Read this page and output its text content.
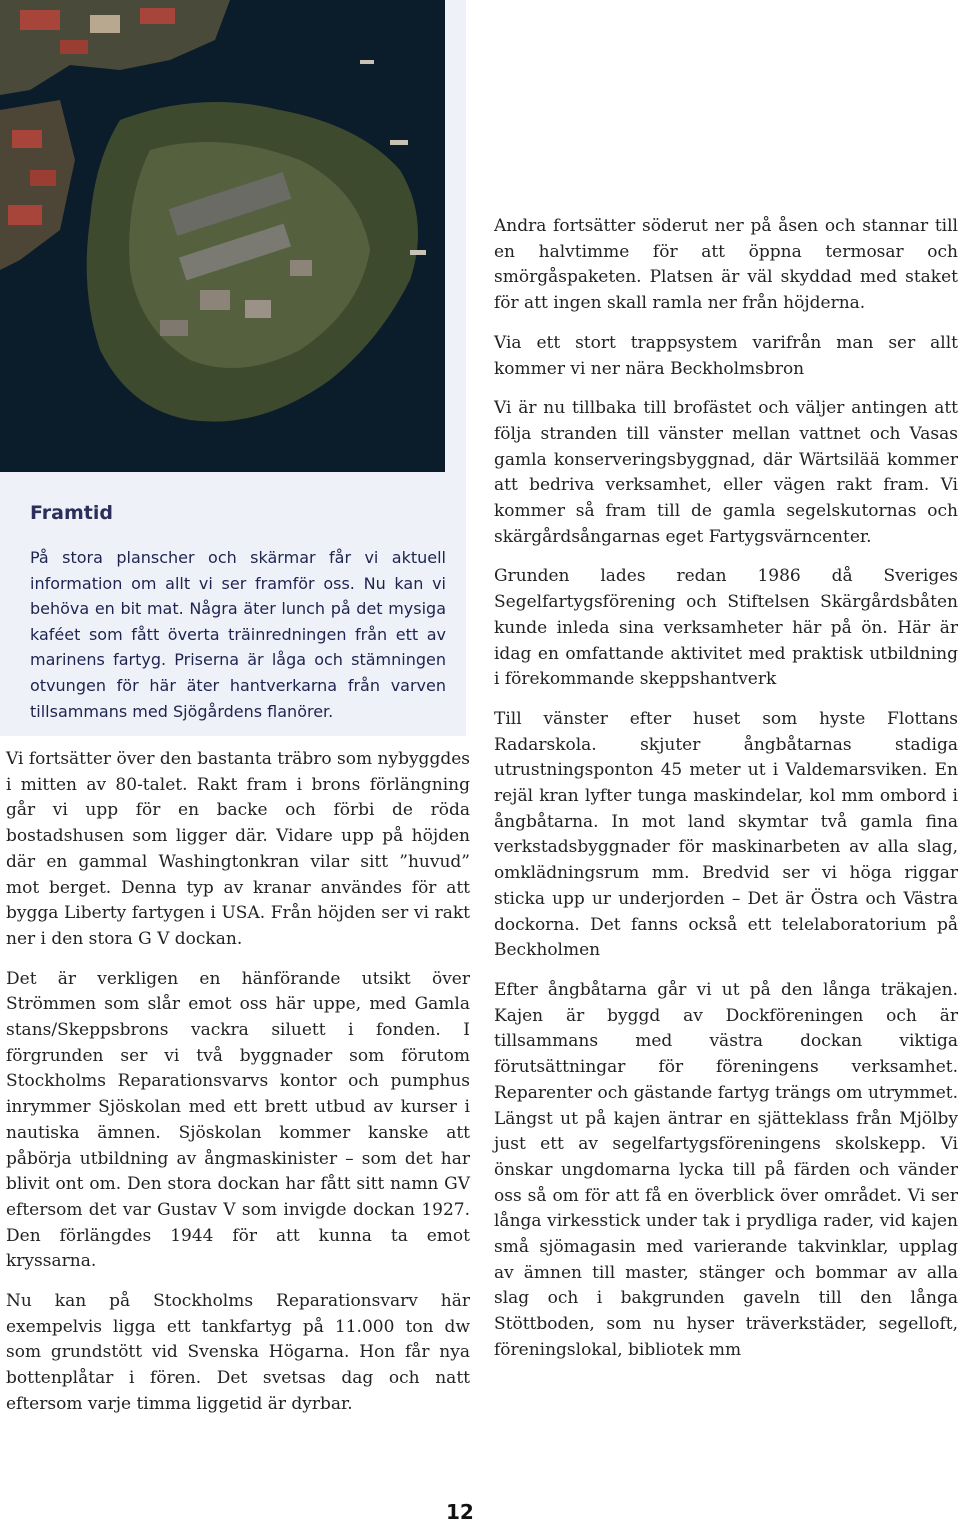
Framtid

På stora planscher och skärmar får vi aktuell information om allt vi ser framför oss. Nu kan vi behöva en bit mat. Några äter lunch på det mysiga kaféet som fått överta träinredningen från ett av marinens fartyg. Priserna är låga och stämningen otvungen för här äter hantverkarna från varven tillsammans med Sjögårdens flanörer.

Vi fortsätter över den bastanta träbro som nybyggdes i mitten av 80-talet. Rakt fram i brons förlängning går vi upp för en backe och förbi de röda bostadshusen som ligger där. Vidare upp på höjden där en gammal Washingtonkran vilar sitt ”huvud” mot berget. Denna typ av kranar användes för att bygga Liberty fartygen i USA. Från höjden ser vi rakt ner i den stora G V dockan.

Det är verkligen en hänförande utsikt över Strömmen som slår emot oss här uppe, med Gamla stans/Skeppsbrons vackra siluett i fonden. I förgrunden ser vi två byggnader som förutom Stockholms Reparationsvarvs kontor och pumphus inrymmer Sjöskolan med ett brett utbud av kurser i nautiska ämnen. Sjöskolan kommer kanske att påbörja utbildning av ångmaskinister – som det har blivit ont om. Den stora dockan har fått sitt namn GV eftersom det var Gustav V som invigde dockan 1927. Den förlängdes 1944 för att kunna ta emot kryssarna.

Nu kan på Stockholms Reparationsvarv här exempelvis ligga ett tankfartyg på 11.000 ton dw som grundstött vid Svenska Högarna. Hon får nya bottenplåtar i fören. Det svetsas dag och natt eftersom varje timma liggetid är dyrbar.

Andra fortsätter söderut ner på åsen och stannar till en halvtimme för att öppna termosar och smörgåspaketen. Platsen är väl skyddad med staket för att ingen skall ramla ner från höjderna.

Via ett stort trappsystem varifrån man ser allt kommer vi ner nära Beckholmsbron

Vi är nu tillbaka till brofästet och väljer antingen att följa stranden till vänster mellan vattnet och Vasas gamla konserveringsbyggnad, där Wärtsilää kommer att bedriva verksamhet, eller vägen rakt fram. Vi kommer så fram till de gamla segelskutornas och skärgårdsångarnas eget Fartygsvärncenter.

Grunden lades redan 1986 då Sveriges Segelfartygsförening och Stiftelsen Skärgårdsbåten kunde inleda sina verksamheter här på ön. Här är idag en omfattande aktivitet med praktisk utbildning i förekommande skeppshantverk

Till vänster efter huset som hyste Flottans Radarskola. skjuter ångbåtarnas stadiga utrustningsponton 45 meter ut i Valdemarsviken. En rejäl kran lyfter tunga maskindelar, kol mm ombord i ångbåtarna. In mot land skymtar två gamla fina verkstadsbyggnader för maskinarbeten av alla slag, omklädningsrum mm. Bredvid ser vi höga riggar sticka upp ur underjorden – Det är Östra och Västra dockorna. Det fanns också ett telelaboratorium på Beckholmen

Efter ångbåtarna går vi ut på den långa träkajen. Kajen är byggd av Dockföreningen och är tillsammans med västra dockan viktiga förutsättningar för föreningens verksamhet. Reparenter och gästande fartyg trängs om utrymmet. Längst ut på kajen äntrar en sjätteklass från Mjölby just ett av segelfartygsföreningens skolskepp. Vi önskar ungdomarna lycka till på färden och vänder oss så om för att få en överblick över området. Vi ser långa virkesstick under tak i prydliga rader, vid kajen små sjömagasin med varierande takvinklar, upplag av ämnen till master, stänger och bommar av alla slag och i bakgrunden gaveln till den långa Stöttboden, som nu hyser träverkstäder, segelloft, föreningslokal, bibliotek mm

12
